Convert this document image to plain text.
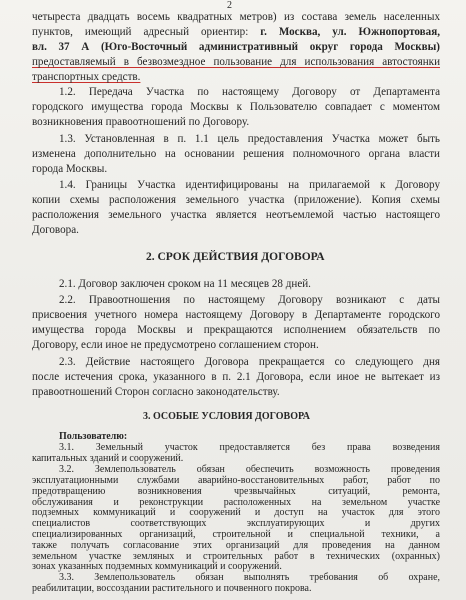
2

четыреста двадцать восемь квадратных метров) из состава земель населенных

пунктов, имеющий адресный ориентир: г. Москва, ул. Южнопортовая,

вл. 37 А (Юго-Восточный административный округ города Москвы)

предоставляемый в безвозмездное пользование для использования автостоянки

транспортных средств.

1.2. Передача Участка по настоящему Договору от Департамента

городского имущества города Москвы к Пользователю совпадает с моментом

возникновения правоотношений по Договору.

1.3. Установленная в п. 1.1 цель предоставления Участка может быть

изменена дополнительно на основании решения полномочного органа власти

города Москвы.

1.4. Границы Участка идентифицированы на прилагаемой к Договору

копии схемы расположения земельного участка (приложение). Копия схемы

расположения земельного участка является неотъемлемой частью настоящего

Договора.

2. СРОК ДЕЙСТВИЯ ДОГОВОРА

2.1. Договор заключен сроком на 11 месяцев 28 дней.

2.2. Правоотношения по настоящему Договору возникают с даты

присвоения учетного номера настоящему Договору в Департаменте городского

имущества города Москвы и прекращаются исполнением обязательств по

Договору, если иное не предусмотрено соглашением сторон.

2.3. Действие настоящего Договора прекращается со следующего дня

после истечения срока, указанного в п. 2.1 Договора, если иное не вытекает из

правоотношений Сторон согласно законодательству.

3. ОСОБЫЕ УСЛОВИЯ ДОГОВОРА
Пользователю:

3.1. Земельный участок предоставляется без права возведения

капитальных зданий и сооружений.

3.2. Землепользователь обязан обеспечить возможность проведения

эксплуатационными службами аварийно-восстановительных работ, работ по

предотвращению возникновения чрезвычайных ситуаций, ремонта,

обслуживания и реконструкции расположенных на земельном участке

подземных коммуникаций и сооружений и доступ на участок для этого

специалистов соответствующих эксплуатирующих и других

специализированных организаций, строительной и специальной техники, а

также получать согласование этих организаций для проведения на данном

земельном участке земляных и строительных работ в технических (охранных)

зонах указанных подземных коммуникаций и сооружений.

3.3. Землепользователь обязан выполнять требования об охране,

реабилитации, воссоздании растительного и почвенного покрова.
